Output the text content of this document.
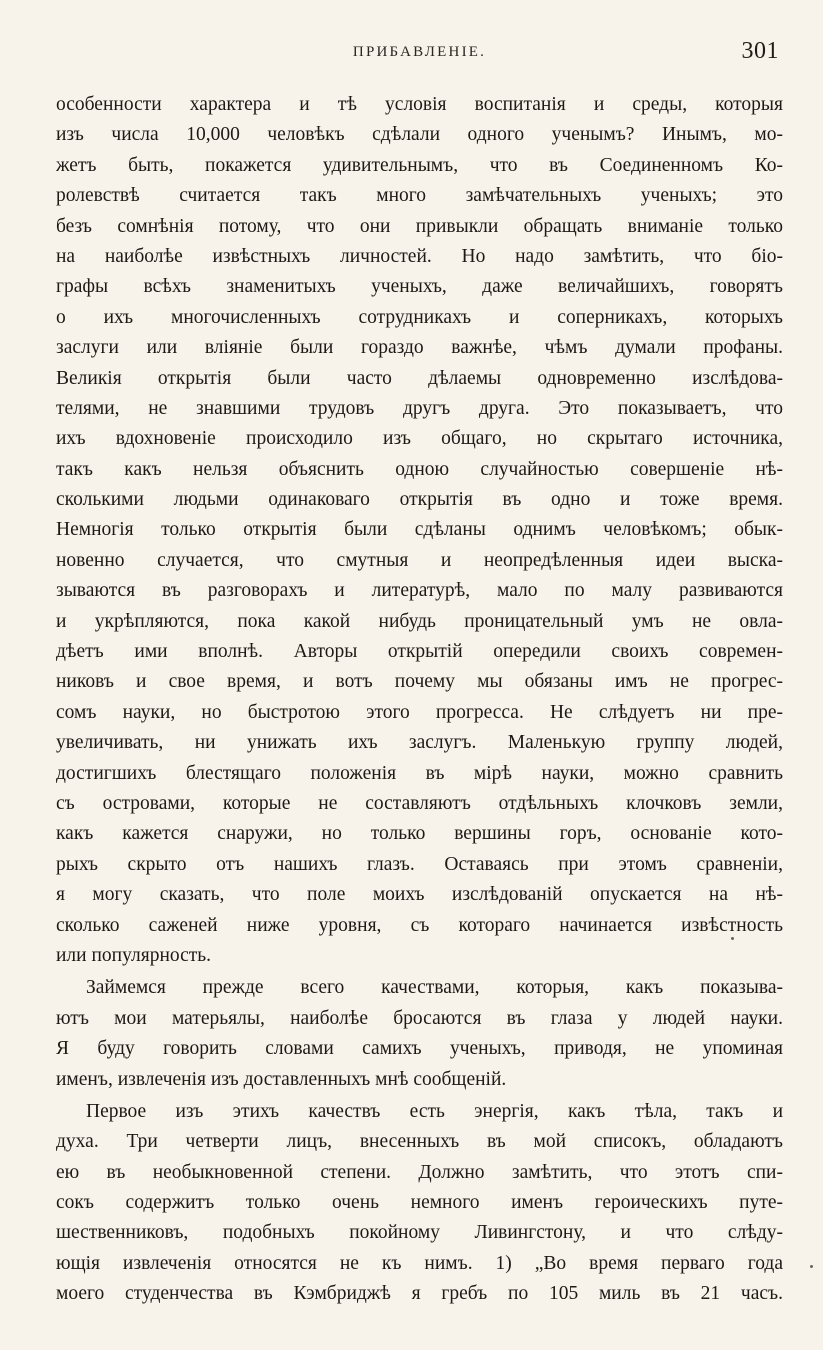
ПРИБАВЛЕНІЕ.	301
особенности характера и тѣ условія воспитанія и среды, которыя
изъ числа 10,000 человѣкъ сдѣлали одного ученымъ? Инымъ, мо-
жетъ быть, покажется удивительнымъ, что въ Соединенномъ Ко-
ролевствѣ считается такъ много замѣчательныхъ ученыхъ; это
безъ сомнѣнія потому, что они привыкли обращать вниманіе только
на наиболѣе извѣстныхъ личностей. Но надо замѣтить, что біо-
графы всѣхъ знаменитыхъ ученыхъ, даже величайшихъ, говорятъ
о ихъ многочисленныхъ сотрудникахъ и соперникахъ, которыхъ
заслуги или вліяніе были гораздо важнѣе, чѣмъ думали профаны.
Великія открытія были часто дѣлаемы одновременно изслѣдова-
телями, не знавшими трудовъ другъ друга. Это показываетъ, что
ихъ вдохновеніе происходило изъ общаго, но скрытаго источника,
такъ какъ нельзя объяснить одною случайностью совершеніе нѣ-
сколькими людьми одинаковаго открытія въ одно и тоже время.
Немногія только открытія были сдѣланы однимъ человѣкомъ; обык-
новенно случается, что смутныя и неопредѣленныя идеи выска-
зываются въ разговорахъ и литературѣ, мало по малу развиваются
и укрѣпляются, пока какой нибудь проницательный умъ не овла-
дѣетъ ими вполнѣ. Авторы открытій опередили своихъ современ-
никовъ и свое время, и вотъ почему мы обязаны имъ не прогрес-
сомъ науки, но быстротою этого прогресса. Не слѣдуетъ ни пре-
увеличивать, ни унижать ихъ заслугъ. Маленькую группу людей,
достигшихъ блестящаго положенія въ мірѣ науки, можно сравнить
съ островами, которые не составляютъ отдѣльныхъ клочковъ земли,
какъ кажется снаружи, но только вершины горъ, основаніе кото-
рыхъ скрыто отъ нашихъ глазъ. Оставаясь при этомъ сравненіи,
я могу сказать, что поле моихъ изслѣдованій опускается на нѣ-
сколько саженей ниже уровня, съ котораго начинается извѣстность
или популярность.
Займемся прежде всего качествами, которыя, какъ показыва-
ютъ мои матерьялы, наиболѣе бросаются въ глаза у людей науки.
Я буду говорить словами самихъ ученыхъ, приводя, не упоминая
именъ, извлеченія изъ доставленныхъ мнѣ сообщеній.
Первое изъ этихъ качествъ есть энергія, какъ тѣла, такъ и
духа. Три четверти лицъ, внесенныхъ въ мой списокъ, обладаютъ
ею въ необыкновенной степени. Должно замѣтить, что этотъ спи-
сокъ содержитъ только очень немного именъ героическихъ путе-
шественниковъ, подобныхъ покойному Ливингстону, и что слѣду-
ющія извлеченія относятся не къ нимъ. 1) „Во время перваго года
моего студенчества въ Кэмбриджѣ я гребъ по 105 миль въ 21 часъ.
